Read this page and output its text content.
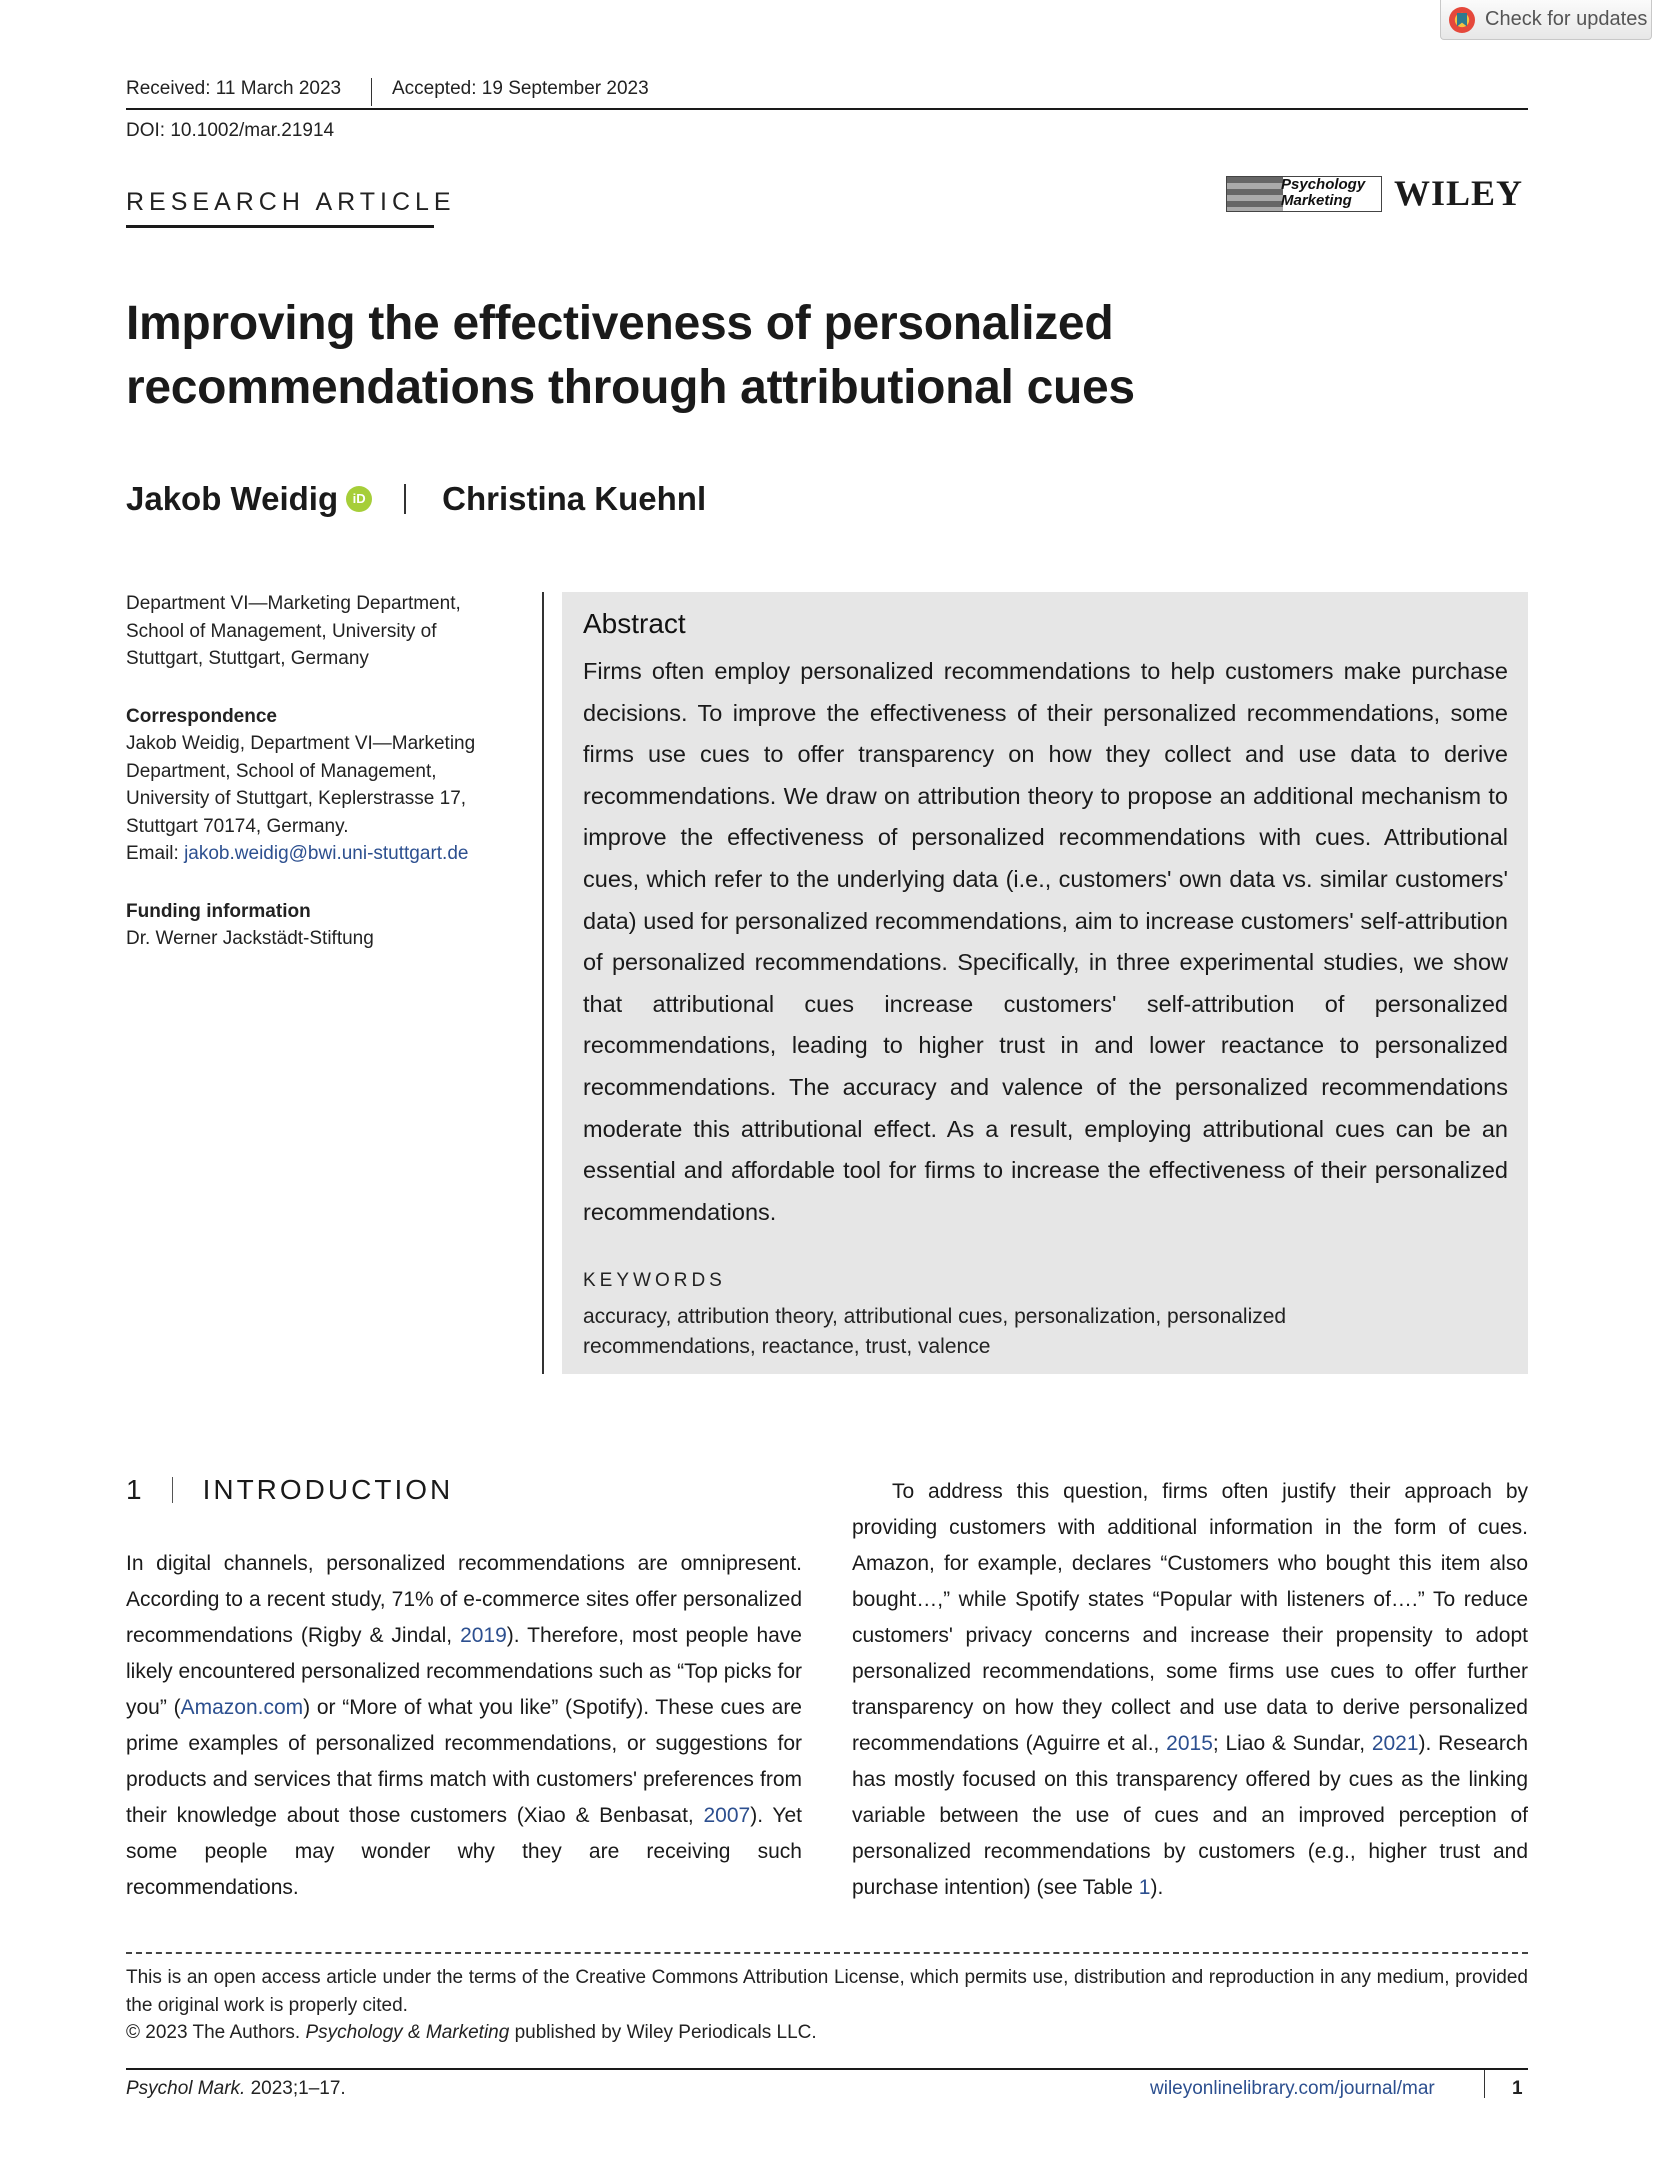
Check for updates
Received: 11 March 2023	Accepted: 19 September 2023
DOI: 10.1002/mar.21914
RESEARCH ARTICLE
Psychology
Marketing	WILEY
Improving the effectiveness of personalized
recommendations through attributional cues
Jakob Weidig	iD Christina Kuehnl

Department VI—Marketing Department,

School of Management, University of

Stuttgart, Stuttgart, Germany

Correspondence

Jakob Weidig, Department VI—Marketing

Department, School of Management,

University of Stuttgart, Keplerstrasse 17,

Stuttgart 70174, Germany.

Email: jakob.weidig@bwi.uni-stuttgart.de

Funding information

Dr. Werner Jackstädt-Stiftung

Abstract
Firms often employ personalized recommendations to help customers make purchase decisions. To improve the effectiveness of their personalized recommendations, some firms use cues to offer transparency on how they collect and use data to derive recommendations. We draw on attribution theory to propose an additional mechanism to improve the effectiveness of personalized recommendations with cues. Attributional cues, which refer to the underlying data (i.e., customers' own data vs. similar customers' data) used for personalized recommendations, aim to increase customers' self-attribution of personalized recommendations. Specifically, in three experimental studies, we show that attributional cues increase customers' self-attribution of personalized recommendations, leading to higher trust in and lower reactance to personalized recommendations. The accuracy and valence of the personalized recommendations moderate this attributional effect. As a result, employing attributional cues can be an essential and affordable tool for firms to increase the effectiveness of their personalized recommendations.
KEYWORDS
accuracy, attribution theory, attributional cues, personalization, personalized recommendations, reactance, trust, valence
1 INTRODUCTION
In digital channels, personalized recommendations are omnipresent. According to a recent study, 71% of e-commerce sites offer personalized recommendations (Rigby & Jindal, 2019). Therefore, most people have likely encountered personalized recommendations such as “Top picks for you” (Amazon.com) or “More of what you like” (Spotify). These cues are prime examples of personalized recommendations, or suggestions for products and services that firms match with customers' preferences from their knowledge about those customers (Xiao & Benbasat, 2007). Yet some people may wonder why they are receiving such recommendations.
To address this question, firms often justify their approach by providing customers with additional information in the form of cues. Amazon, for example, declares “Customers who bought this item also bought…,” while Spotify states “Popular with listeners of….” To reduce customers' privacy concerns and increase their propensity to adopt personalized recommendations, some firms use cues to offer further transparency on how they collect and use data to derive personalized recommendations (Aguirre et al., 2015; Liao & Sundar, 2021). Research has mostly focused on this transparency offered by cues as the linking variable between the use of cues and an improved perception of personalized recommendations by customers (e.g., higher trust and purchase intention) (see Table 1).

This is an open access article under the terms of the Creative Commons Attribution License, which permits use, distribution and reproduction in any medium, provided the original work is properly cited.

© 2023 The Authors. Psychology & Marketing published by Wiley Periodicals LLC.

Psychol Mark. 2023;1–17.	wileyonlinelibrary.com/journal/mar	1
